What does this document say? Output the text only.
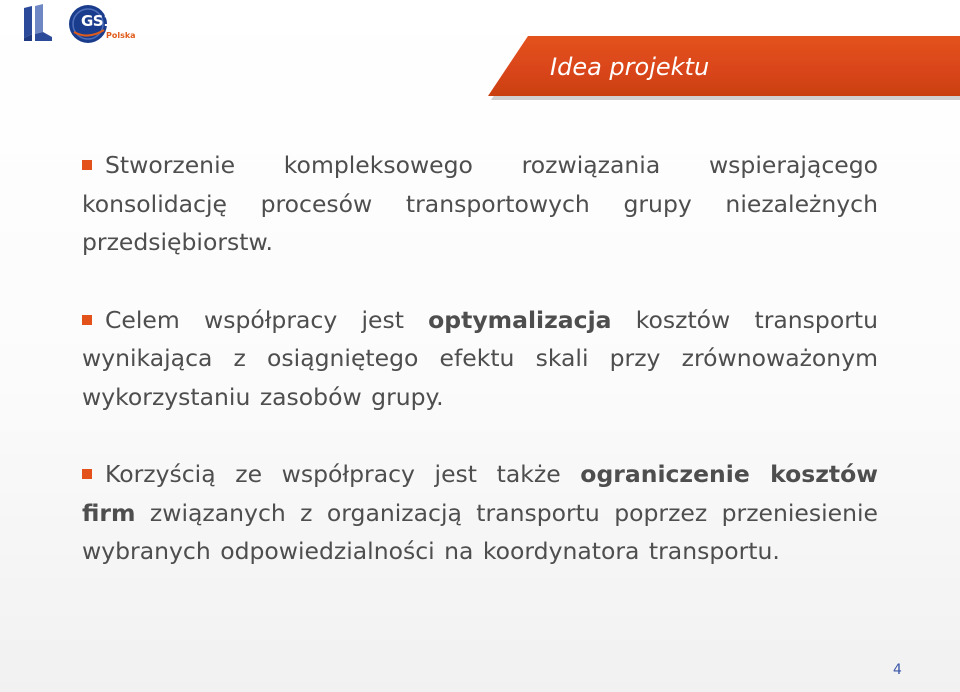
GS1
Polska
Idea projektu

Stworzenie kompleksowego rozwiązania wspierającego konsolidację procesów transportowych grupy niezależnych przedsiębiorstw.

Celem współpracy jest optymalizacja kosztów transportu wynikająca z osiągniętego efektu skali przy zrównoważonym wykorzystaniu zasobów grupy.

Korzyścią ze współpracy jest także ograniczenie kosztów firm związanych z organizacją transportu poprzez przeniesienie wybranych odpowiedzialności na koordynatora transportu.

4
